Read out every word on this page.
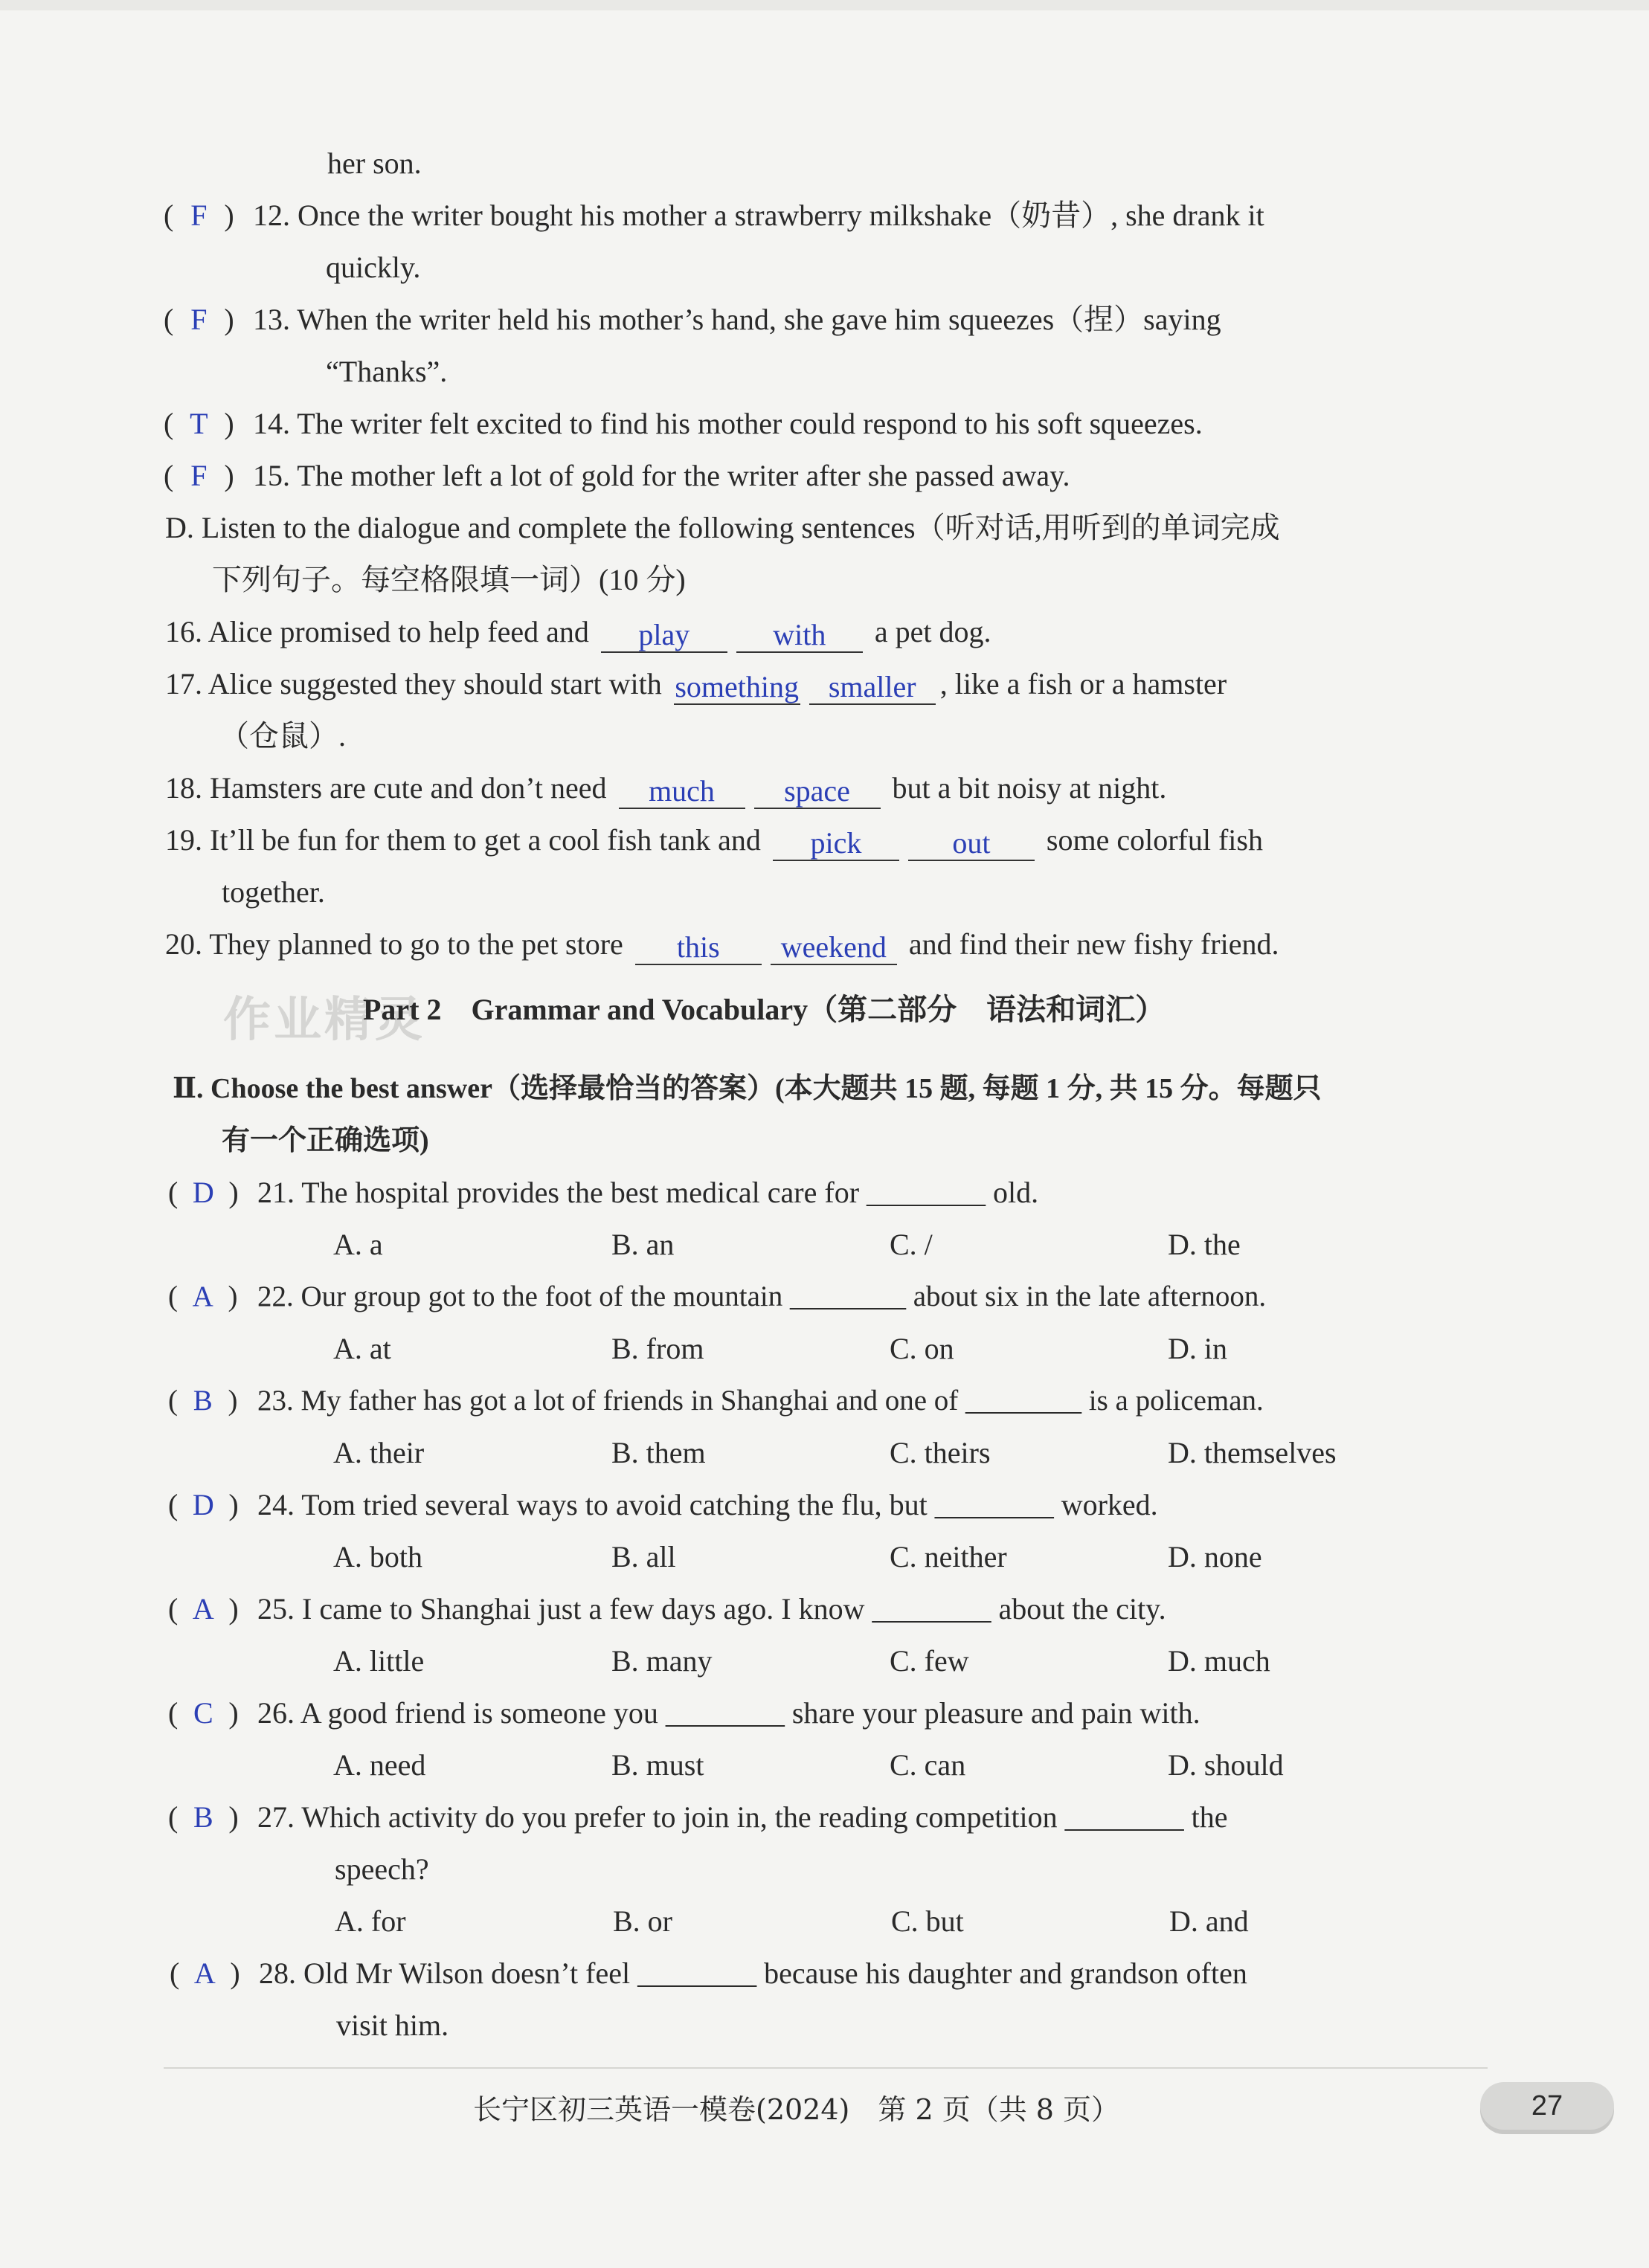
her son.
( F ) 12. Once the writer bought his mother a strawberry milkshake（奶昔）, she drank it
quickly.
( F ) 13. When the writer held his mother’s hand, she gave him squeezes（捏）saying
“Thanks”.
( T ) 14. The writer felt excited to find his mother could respond to his soft squeezes.
( F ) 15. The mother left a lot of gold for the writer after she passed away.
D. Listen to the dialogue and complete the following sentences（听对话,用听到的单词完成
下列句子。每空格限填一词）(10 分)
16. Alice promised to help feed and play	with a pet dog.
17. Alice suggested they should start with something smaller , like a fish or a hamster
（仓鼠）.
18. Hamsters are cute and don’t need much space but a bit noisy at night.
19. It’ll be fun for them to get a cool fish tank and pick	out some colorful fish
together.
20. They planned to go to the pet store this weekend and find their new fishy friend.
作业精灵
Part 2　Grammar and Vocabulary（第二部分　语法和词汇）
Ⅱ. Choose the best answer（选择最恰当的答案）(本大题共 15 题, 每题 1 分, 共 15 分。每题只
有一个正确选项)
( D ) 21. The hospital provides the best medical care for ________ old.
A. a	B. an	C. /	D. the
( A ) 22. Our group got to the foot of the mountain ________ about six in the late afternoon.
A. at	B. from	C. on	D. in
( B ) 23. My father has got a lot of friends in Shanghai and one of ________ is a policeman.
A. their	B. them	C. theirs	D. themselves
( D ) 24. Tom tried several ways to avoid catching the flu, but ________ worked.
A. both	B. all	C. neither	D. none
( A ) 25. I came to Shanghai just a few days ago. I know ________ about the city.
A. little	B. many	C. few	D. much
( C ) 26. A good friend is someone you ________ share your pleasure and pain with.
A. need	B. must	C. can	D. should
( B ) 27. Which activity do you prefer to join in, the reading competition ________ the
speech?
A. for	B. or	C. but	D. and
( A ) 28. Old Mr Wilson doesn’t feel ________ because his daughter and grandson often
visit him.
长宁区初三英语一模卷(2024)　第 2 页（共 8 页）	27
